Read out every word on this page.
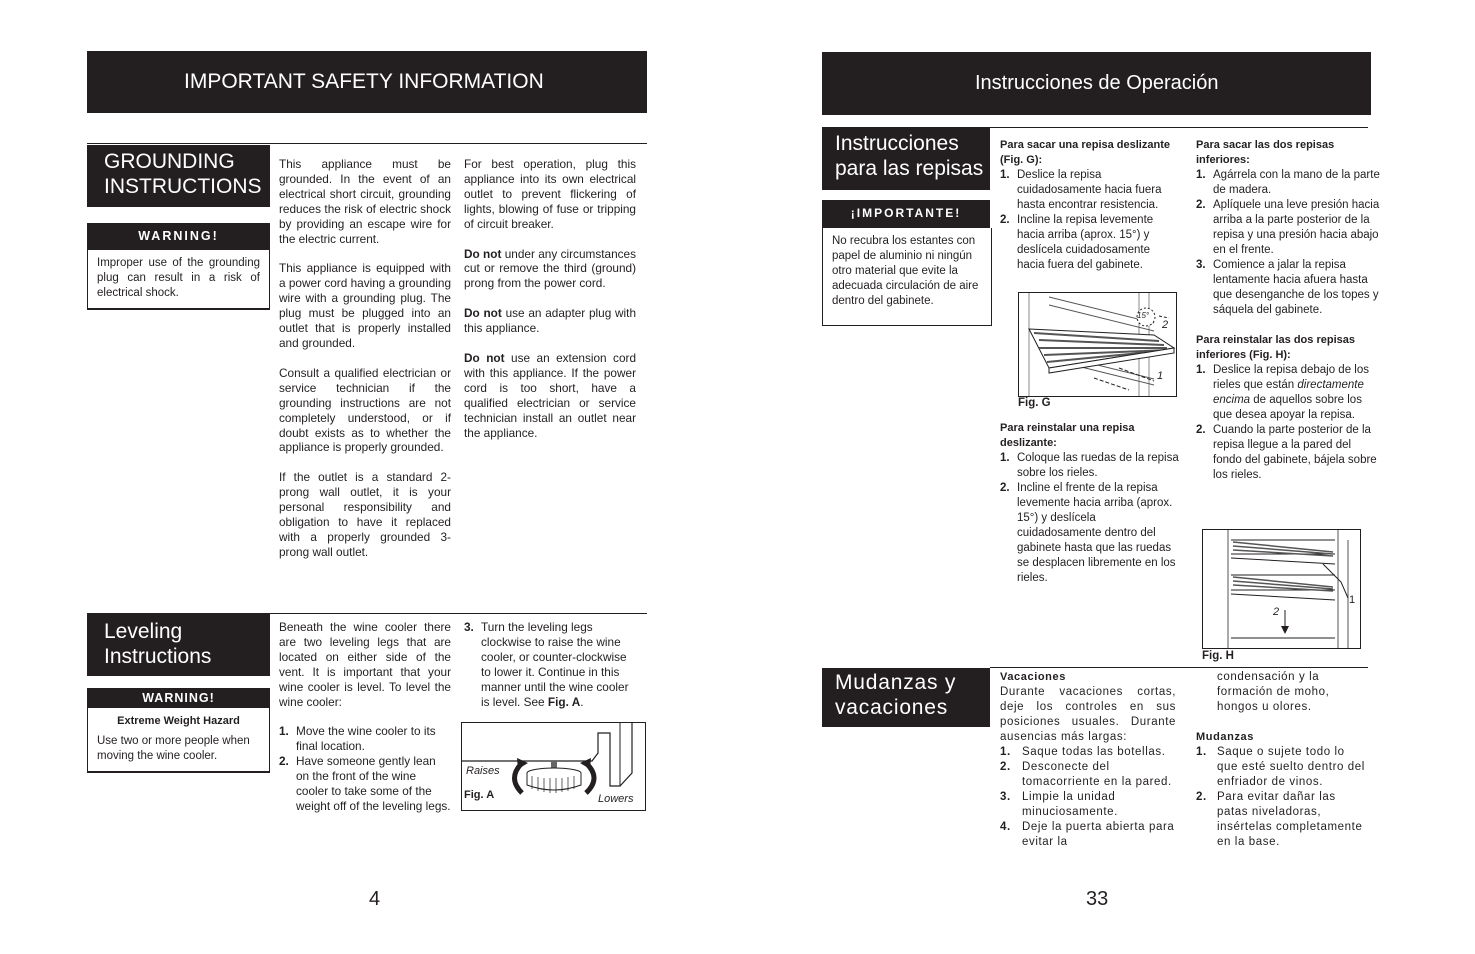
IMPORTANT SAFETY INFORMATION
GROUNDING
INSTRUCTIONS
WARNING!
Improper use of the grounding plug can result in a risk of electrical shock.

This appliance must be grounded. In the event of an electrical short circuit, grounding reduces the risk of electric shock by providing an escape wire for the electric current.

This appliance is equipped with a power cord having a grounding wire with a grounding plug. The plug must be plugged into an outlet that is properly installed and grounded.

Consult a qualified electrician or service technician if the grounding instructions are not completely understood, or if doubt exists as to whether the appliance is properly grounded.

If the outlet is a standard 2-prong wall outlet, it is your personal responsibility and obligation to have it replaced with a properly grounded 3-prong wall outlet.

For best operation, plug this appliance into its own electrical outlet to prevent flickering of lights, blowing of fuse or tripping of circuit breaker.

Do not under any circumstances cut or remove the third (ground) prong from the power cord.

Do not use an adapter plug with this appliance.

Do not use an extension cord with this appliance. If the power cord is too short, have a qualified electrician or service technician install an outlet near the appliance.

Leveling
Instructions
WARNING!
Extreme Weight Hazard
Use two or more people when moving the wine cooler.

Beneath the wine cooler there are two leveling legs that are located on either side of the vent. It is important that your wine cooler is level. To level the wine cooler:

1. Move the wine cooler to its final location.
2. Have someone gently lean on the front of the wine cooler to take some of the weight off of the leveling legs.
3. Turn the leveling legs clockwise to raise the wine cooler, or counter-clockwise to lower it. Continue in this manner until the wine cooler is level. See Fig. A.
Raises
Lowers
Fig. A
4
Instrucciones de Operación
Instrucciones
para las repisas
¡IMPORTANTE!
No recubra los estantes con papel de aluminio ni ningún otro material que evite la adecuada circulación de aire dentro del gabinete.
Para sacar una repisa deslizante (Fig. G):
1. Deslice la repisa cuidadosamente hacia fuera hasta encontrar resistencia.
2. Incline la repisa levemente hacia arriba (aprox. 15°) y deslícela cuidadosamente hacia fuera del gabinete.
15°
2
1
Fig. G
Para reinstalar una repisa deslizante:
1. Coloque las ruedas de la repisa sobre los rieles.
2. Incline el frente de la repisa levemente hacia arriba (aprox. 15°) y deslícela cuidadosamente dentro del gabinete hasta que las ruedas se desplacen libremente en los rieles.
Para sacar las dos repisas inferiores:
1. Agárrela con la mano de la parte de madera.
2. Aplíquele una leve presión hacia arriba a la parte posterior de la repisa y una presión hacia abajo en el frente.
3. Comience a jalar la repisa lentamente hacia afuera hasta que desenganche de los topes y sáquela del gabinete.
Para reinstalar las dos repisas inferiores (Fig. H):
1. Deslice la repisa debajo de los rieles que están directamente encima de aquellos sobre los que desea apoyar la repisa.
2. Cuando la parte posterior de la repisa llegue a la pared del fondo del gabinete, bájela sobre los rieles.
1
2
Fig. H
Mudanzas y
vacaciones
Vacaciones

Durante vacaciones cortas, deje los controles en sus posiciones usuales. Durante ausencias más largas:

1. Saque todas las botellas.
2. Desconecte del tomacorriente en la pared.
3. Limpie la unidad minuciosamente.
4. Deje la puerta abierta para evitar la

condensación y la formación de moho, hongos u olores.

Mudanzas
1. Saque o sujete todo lo que esté suelto dentro del enfriador de vinos.
2. Para evitar dañar las patas niveladoras, insértelas completamente en la base.
33
